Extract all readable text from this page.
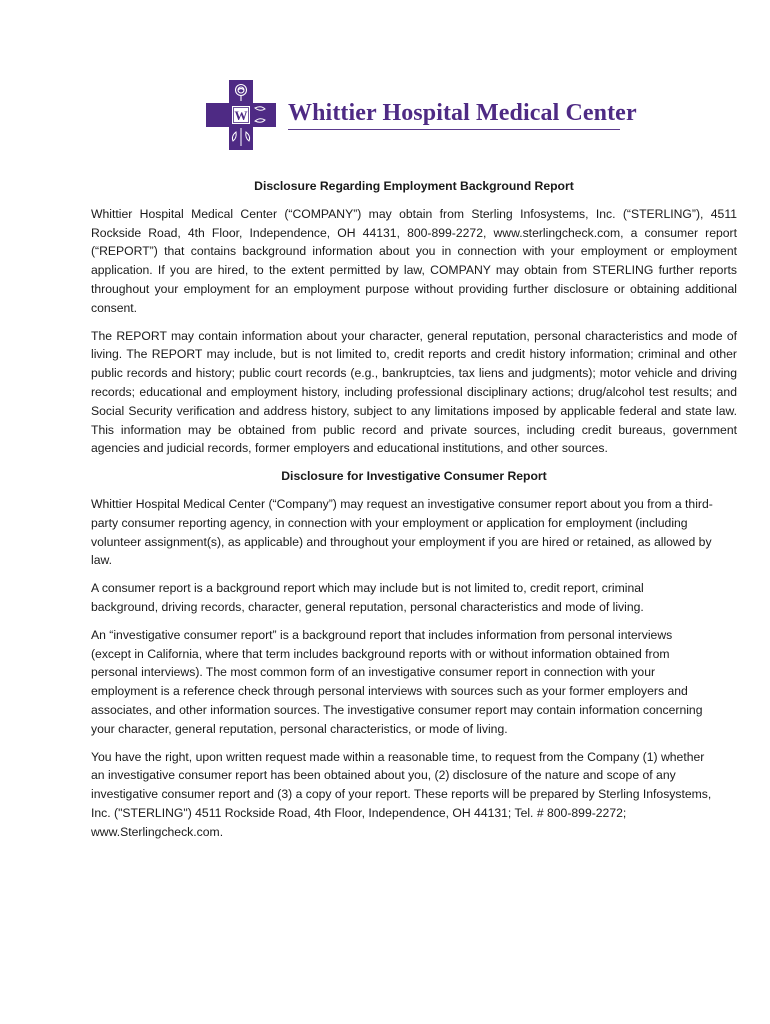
W Whittier Hospital Medical Center
Disclosure Regarding Employment Background Report

Whittier Hospital Medical Center (“COMPANY”) may obtain from Sterling Infosystems, Inc. (“STERLING”), 4511 Rockside Road, 4th Floor, Independence, OH 44131, 800-899-2272, www.sterlingcheck.com, a consumer report (“REPORT”) that contains background information about you in connection with your employment or employment application. If you are hired, to the extent permitted by law, COMPANY may obtain from STERLING further reports throughout your employment for an employment purpose without providing further disclosure or obtaining additional consent.

The REPORT may contain information about your character, general reputation, personal characteristics and mode of living. The REPORT may include, but is not limited to, credit reports and credit history information; criminal and other public records and history; public court records (e.g., bankruptcies, tax liens and judgments); motor vehicle and driving records; educational and employment history, including professional disciplinary actions; drug/alcohol test results; and Social Security verification and address history, subject to any limitations imposed by applicable federal and state law. This information may be obtained from public record and private sources, including credit bureaus, government agencies and judicial records, former employers and educational institutions, and other sources.

Disclosure for Investigative Consumer Report

Whittier Hospital Medical Center (“Company”) may request an investigative consumer report about you from a third-party consumer reporting agency, in connection with your employment or application for employment (including volunteer assignment(s), as applicable) and throughout your employment if you are hired or retained, as allowed by law.

A consumer report is a background report which may include but is not limited to, credit report, criminal background, driving records, character, general reputation, personal characteristics and mode of living.

An “investigative consumer report” is a background report that includes information from personal interviews (except in California, where that term includes background reports with or without information obtained from personal interviews). The most common form of an investigative consumer report in connection with your employment is a reference check through personal interviews with sources such as your former employers and associates, and other information sources. The investigative consumer report may contain information concerning your character, general reputation, personal characteristics, or mode of living.

You have the right, upon written request made within a reasonable time, to request from the Company (1) whether an investigative consumer report has been obtained about you, (2) disclosure of the nature and scope of any investigative consumer report and (3) a copy of your report. These reports will be prepared by Sterling Infosystems, Inc. ("STERLING") 4511 Rockside Road, 4th Floor, Independence, OH 44131; Tel. # 800-899-2272; www.Sterlingcheck.com.
